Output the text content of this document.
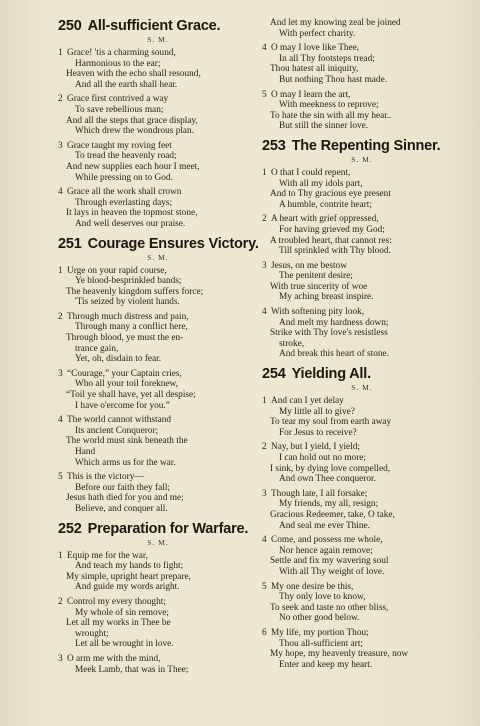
250 All-sufficient Grace.
S. M.
1 Grace! 'tis a charming sound,
Harmonious to the ear;
Heaven with the echo shall resound,
And all the earth shall hear.
2 Grace first contrived a way
To save rebellious man;
And all the steps that grace display,
Which drew the wondrous plan.
3 Grace taught my roving feet
To tread the heavenly road;
And new supplies each hour I meet,
While pressing on to God.
4 Grace all the work shall crown
Through everlasting days;
It lays in heaven the topmost stone,
And well deserves our praise.
251 Courage Ensures Victory.
S. M.
1 Urge on your rapid course,
Ye blood-besprinkled bands;
The heavenly kingdom suffers force;
'Tis seized by violent hands.
2 Through much distress and pain,
Through many a conflict here,
Through blood, ye must the en-
trance gain,
Yet, oh, disdain to fear.
3 “Courage,” your Captain cries,
Who all your toil foreknew,
“Toil ye shall have, yet all despise;
I have o'ercome for you.”
4 The world cannot withstand
Its ancient Conqueror;
The world must sink beneath the
Hand
Which arms us for the war.
5 This is the victory—
Before our faith they fall;
Jesus hath died for you and me;
Believe, and conquer all.
252 Preparation for Warfare.
S. M.
1 Equip me for the war,
And teach my hands to fight;
My simple, upright heart prepare,
And guide my words aright.
2 Control my every thought;
My whole of sin remove;
Let all my works in Thee be
wrought;
Let all be wrought in love.
3 O arm me with the mind,
Meek Lamb, that was in Thee;
And let my knowing zeal be joined
With perfect charity.
4 O may I love like Thee,
In all Thy footsteps tread;
Thou hatest all iniquity,
But nothing Thou hast made.
5 O may I learn the art,
With meekness to reprove;
To hate the sin with all my hear..
But still the sinner love.
253 The Repenting Sinner.
S. M.
1 O that I could repent,
With all my idols part,
And to Thy gracious eye present
A humble, contrite heart;
2 A heart with grief oppressed,
For having grieved my God;
A troubled heart, that cannot res:
Till sprinkled with Thy blood.
3 Jesus, on me bestow
The penitent desire;
With true sincerity of woe
My aching breast inspire.
4 With softening pity look,
And melt my hardness down;
Strike with Thy love's resistless
stroke,
And break this heart of stone.
254 Yielding All.
S. M.
1 And can I yet delay
My little all to give?
To tear my soul from earth away
For Jesus to receive?
2 Nay, but I yield, I yield;
I can hold out no more;
I sink, by dying love compelled,
And own Thee conqueror.
3 Though late, I all forsake;
My friends, my all, resign;
Gracious Redeemer, take, O take,
And seal me ever Thine.
4 Come, and possess me whole,
Nor hence again remove;
Settle and fix my wavering soul
With all Thy weight of love.
5 My one desire be this,
Thy only love to know,
To seek and taste no other bliss,
No other good below.
6 My life, my portion Thou;
Thou all-sufficient art;
My hope, my heavenly treasure, now
Enter and keep my heart.
